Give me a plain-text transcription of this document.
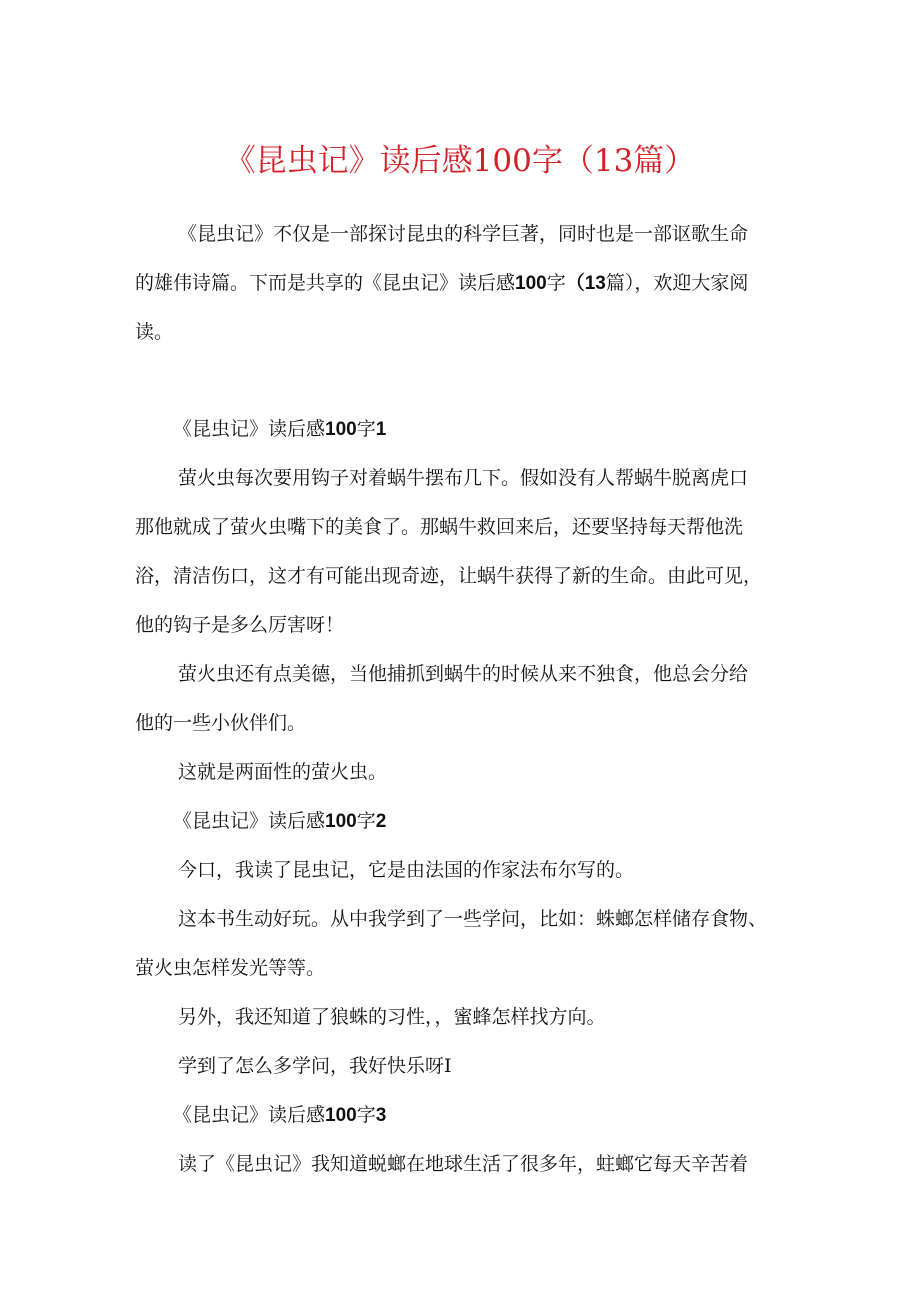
《昆虫记》读后感100字（13篇）
《昆虫记》不仅是一部探讨昆虫的科学巨著，同时也是一部讴歌生命
的雄伟诗篇。下而是共享的《昆虫记》读后感100字（13篇），欢迎大家阅
读。
《昆虫记》读后感100字1
萤火虫每次要用钩子对着蜗牛摆布几下。假如没有人帮蜗牛脱离虎口
那他就成了萤火虫嘴下的美食了。那蜗牛救回来后，还要坚持每天帮他洗
浴，清洁伤口，这才有可能出现奇迹，让蜗牛获得了新的生命。由此可见，
他的钩子是多么厉害呀！
萤火虫还有点美德，当他捕抓到蜗牛的时候从来不独食，他总会分给
他的一些小伙伴们。
这就是两面性的萤火虫。
《昆虫记》读后感100字2
今口，我读了昆虫记，它是由法国的作家法布尔写的。
这本书生动好玩。从中我学到了一些学问，比如：蛛螂怎样储存食物、
萤火虫怎样发光等等。
另外，我还知道了狼蛛的习性，，蜜蜂怎样找方向。
学到了怎么多学问，我好快乐呀I
《昆虫记》读后感100字3
读了《昆虫记》我知道蜕螂在地球生活了很多年，蛀螂它每天辛苦着
